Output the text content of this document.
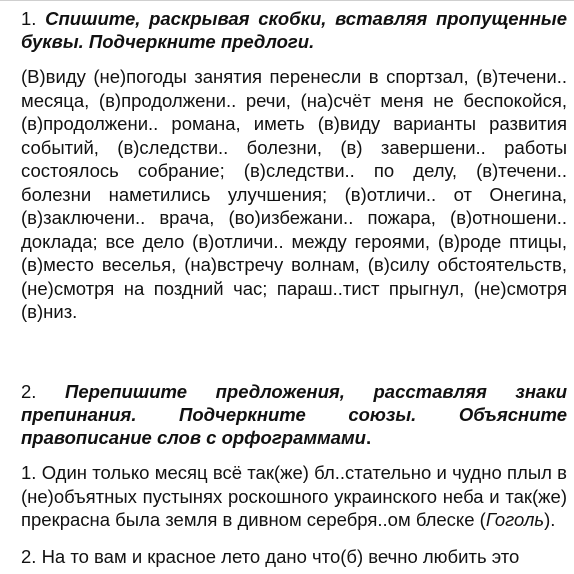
1. Спишите, раскрывая скобки, вставляя пропущенные буквы. Подчеркните предлоги.

(В)виду (не)погоды занятия перенесли в спортзал, (в)течени.. месяца, (в)продолжени.. речи, (на)счёт меня не беспокойся, (в)продолжени.. романа, иметь (в)виду варианты развития событий, (в)следстви.. болезни, (в) завершени.. работы состоялось собрание; (в)следстви.. по делу, (в)течени.. болезни наметились улучшения; (в)отличи.. от Онегина, (в)заключени.. врача, (во)избежани.. пожара, (в)отношени.. доклада; все дело (в)отличи.. между героями, (в)роде птицы, (в)место веселья, (на)встречу волнам, (в)силу обстоятельств, (не)смотря на поздний час; параш..тист прыгнул, (не)смотря (в)низ.

2. Перепишите предложения, расставляя знаки препинания. Подчеркните союзы. Объясните правописание слов с орфограммами.

1. Один только месяц всё так(же) бл..стательно и чудно плыл в (не)объятных пустынях роскошного украинского неба и так(же) прекрасна была земля в дивном серебря..ом блеске (Гоголь).

2. На то вам и красное лето дано что(б) вечно любить это
